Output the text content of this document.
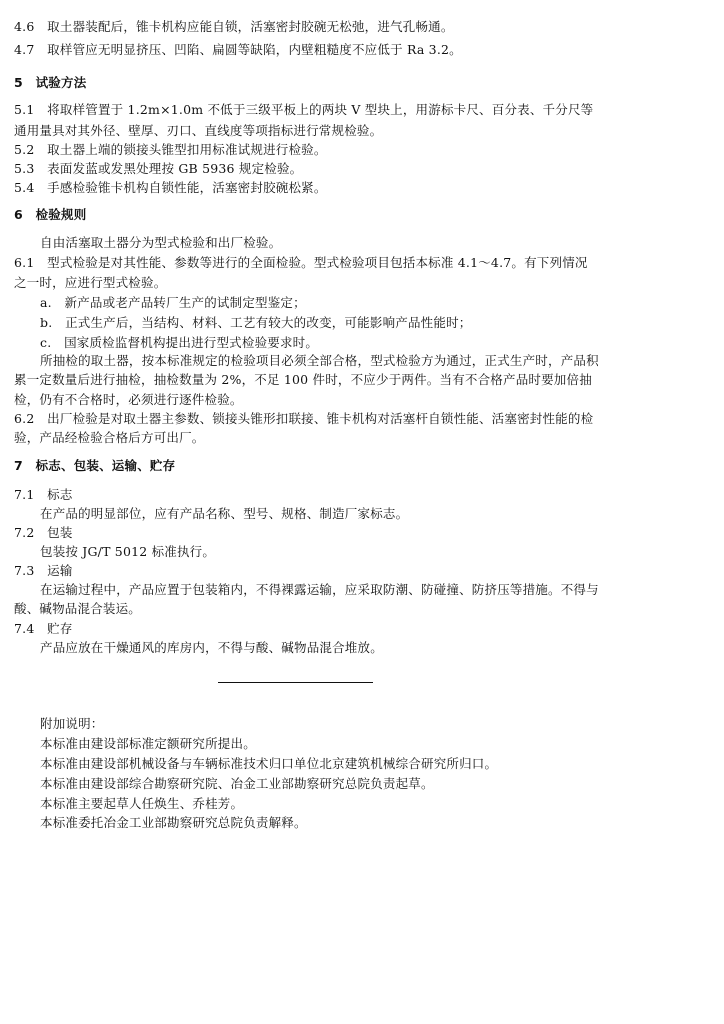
4.6　取土器装配后，锥卡机构应能自锁，活塞密封胶碗无松弛，进气孔畅通。
4.7　取样管应无明显挤压、凹陷、扁圆等缺陷，内壁粗糙度不应低于 Ra 3.2。
5　试验方法
5.1　将取样管置于 1.2m×1.0m 不低于三级平板上的两块 V 型块上，用游标卡尺、百分表、千分尺等
通用量具对其外径、壁厚、刃口、直线度等项指标进行常规检验。
5.2　取土器上端的锁接头锥型扣用标准试规进行检验。
5.3　表面发蓝或发黑处理按 GB 5936 规定检验。
5.4　手感检验锥卡机构自锁性能，活塞密封胶碗松紧。
6　检验规则
自由活塞取土器分为型式检验和出厂检验。
6.1　型式检验是对其性能、参数等进行的全面检验。型式检验项目包括本标准 4.1～4.7。有下列情况
之一时，应进行型式检验。
a.　新产品或老产品转厂生产的试制定型鉴定；
b.　正式生产后，当结构、材料、工艺有较大的改变，可能影响产品性能时；
c.　国家质检监督机构提出进行型式检验要求时。
所抽检的取土器，按本标准规定的检验项目必须全部合格，型式检验方为通过，正式生产时，产品积
累一定数量后进行抽检，抽检数量为 2%，不足 100 件时，不应少于两件。当有不合格产品时要加倍抽
检，仍有不合格时，必须进行逐件检验。
6.2　出厂检验是对取土器主参数、锁接头锥形扣联接、锥卡机构对活塞杆自锁性能、活塞密封性能的检
验，产品经检验合格后方可出厂。
7　标志、包装、运输、贮存
7.1　标志
在产品的明显部位，应有产品名称、型号、规格、制造厂家标志。
7.2　包装
包装按 JG/T 5012 标准执行。
7.3　运输
在运输过程中，产品应置于包装箱内，不得裸露运输，应采取防潮、防碰撞、防挤压等措施。不得与
酸、碱物品混合装运。
7.4　贮存
产品应放在干燥通风的库房内，不得与酸、碱物品混合堆放。
附加说明：
本标准由建设部标准定额研究所提出。
本标准由建设部机械设备与车辆标准技术归口单位北京建筑机械综合研究所归口。
本标准由建设部综合勘察研究院、冶金工业部勘察研究总院负责起草。
本标准主要起草人任焕生、乔桂芳。
本标准委托冶金工业部勘察研究总院负责解释。
